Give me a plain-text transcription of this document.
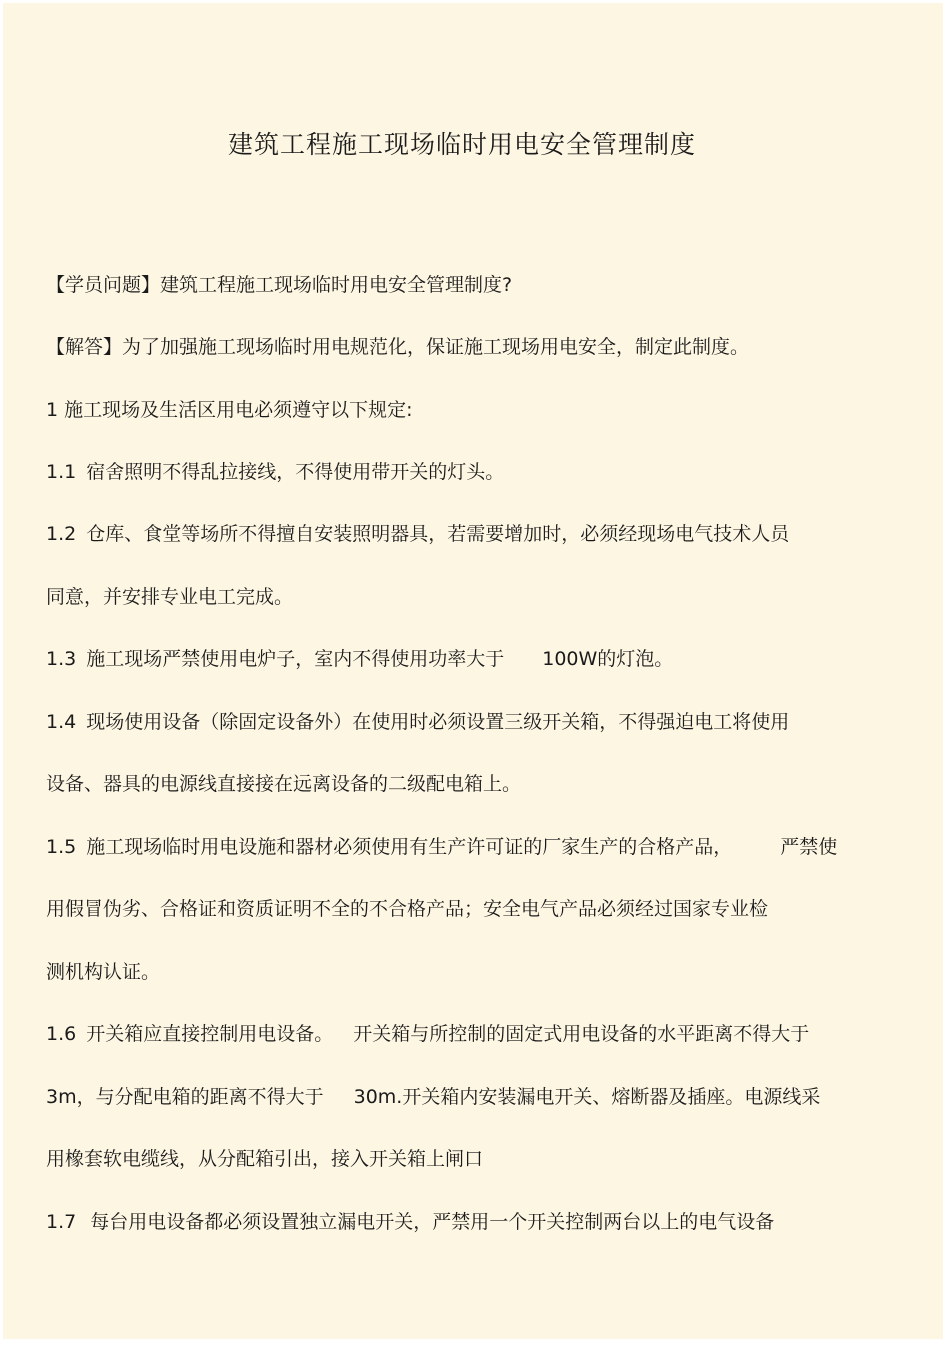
建筑工程施工现场临时用电安全管理制度
【学员问题】建筑工程施工现场临时用电安全管理制度?
【解答】为了加强施工现场临时用电规范化，保证施工现场用电安全，制定此制度。
1 施工现场及生活区用电必须遵守以下规定:
1.1 宿舍照明不得乱拉接线，不得使用带开关的灯头。
1.2 仓库、食堂等场所不得擅自安装照明器具，若需要增加时，必须经现场电气技术人员
同意，并安排专业电工完成。
1.3 施工现场严禁使用电炉子，室内不得使用功率大于 100W的灯泡。
1.4 现场使用设备（除固定设备外）在使用时必须设置三级开关箱，不得强迫电工将使用
设备、器具的电源线直接接在远离设备的二级配电箱上。
1.5 施工现场临时用电设施和器材必须使用有生产许可证的厂家生产的合格产品，	严禁使
用假冒伪劣、合格证和资质证明不全的不合格产品；安全电气产品必须经过国家专业检
测机构认证。
1.6 开关箱应直接控制用电设备。 开关箱与所控制的固定式用电设备的水平距离不得大于
3m，与分配电箱的距离不得大于 30m.开关箱内安装漏电开关、熔断器及插座。电源线采
用橡套软电缆线，从分配箱引出，接入开关箱上闸口
1.7 每台用电设备都必须设置独立漏电开关，严禁用一个开关控制两台以上的电气设备
